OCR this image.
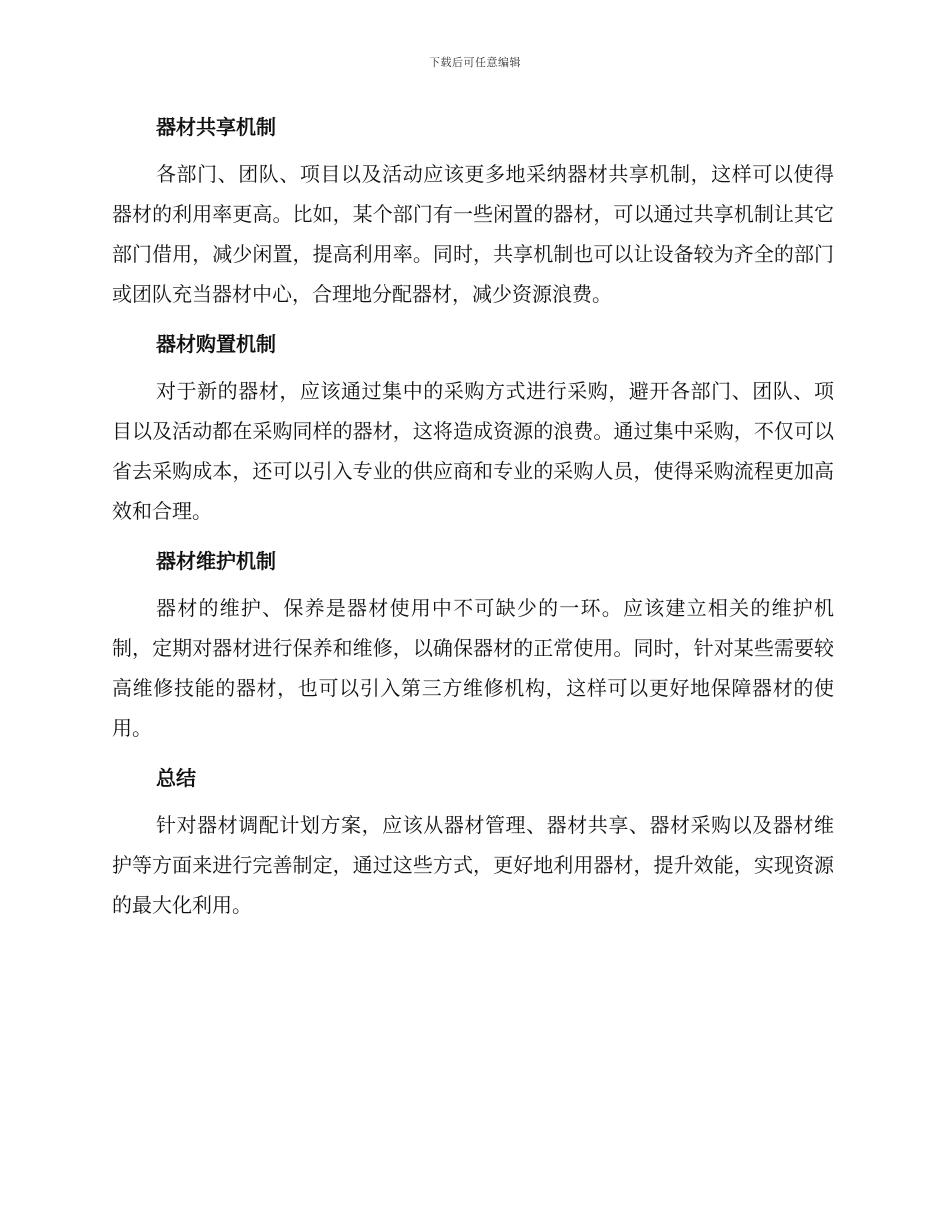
下载后可任意编辑
器材共享机制

各部门、团队、项目以及活动应该更多地采纳器材共享机制，这样可以使得器材的利用率更高。比如，某个部门有一些闲置的器材，可以通过共享机制让其它部门借用，减少闲置，提高利用率。同时，共享机制也可以让设备较为齐全的部门或团队充当器材中心，合理地分配器材，减少资源浪费。

器材购置机制

对于新的器材，应该通过集中的采购方式进行采购，避开各部门、团队、项目以及活动都在采购同样的器材，这将造成资源的浪费。通过集中采购，不仅可以省去采购成本，还可以引入专业的供应商和专业的采购人员，使得采购流程更加高效和合理。

器材维护机制

器材的维护、保养是器材使用中不可缺少的一环。应该建立相关的维护机制，定期对器材进行保养和维修，以确保器材的正常使用。同时，针对某些需要较高维修技能的器材，也可以引入第三方维修机构，这样可以更好地保障器材的使用。

总结

针对器材调配计划方案，应该从器材管理、器材共享、器材采购以及器材维护等方面来进行完善制定，通过这些方式，更好地利用器材，提升效能，实现资源的最大化利用。
